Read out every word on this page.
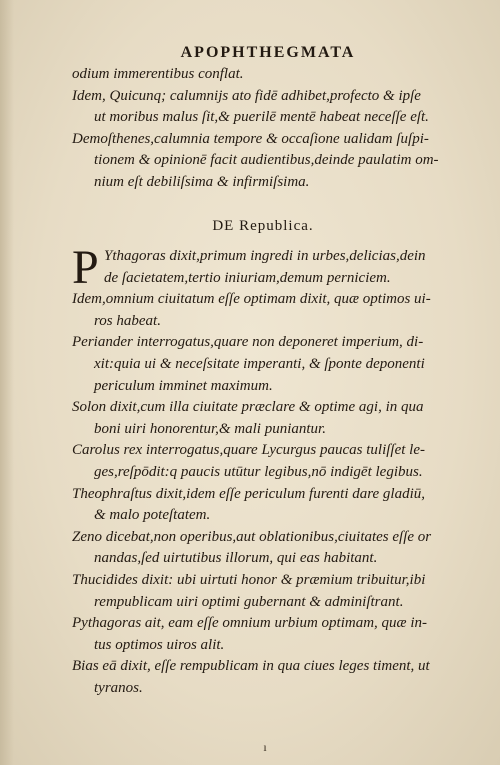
APOPHTHEGMATA

odium immerentibus conflat.

Idem, Quicunq; calumnijs ato fidē adhibet,profecto & ipſe
ut moribus malus ſit,& puerilē mentē habeat neceſſe eſt.

Demoſthenes,calumnia tempore & occaſione ualidam ſuſpi-
tionem & opinionē facit audientibus,deinde paulatim om-
nium eſt debiliſsima & infirmiſsima.

DE Republica.
P Ythagoras dixit,primum ingredi in urbes,delicias,dein
de ſacietatem,tertio iniuriam,demum perniciem.

Idem,omnium ciuitatum eſſe optimam dixit, quæ optimos ui-
ros habeat.

Periander interrogatus,quare non deponeret imperium, di-
xit:quia ui & neceſsitate imperanti, & ſponte deponenti
periculum imminet maximum.

Solon dixit,cum illa ciuitate præclare & optime agi, in qua
boni uiri honorentur,& mali puniantur.

Carolus rex interrogatus,quare Lycurgus paucas tuliſſet le-
ges,reſpōdit:q paucis utūtur legibus,nō indigēt legibus.

Theophraſtus dixit,idem eſſe periculum furenti dare gladiū,
& malo poteſtatem.

Zeno dicebat,non operibus,aut oblationibus,ciuitates eſſe or
nandas,ſed uirtutibus illorum, qui eas habitant.

Thucidides dixit: ubi uirtuti honor & præmium tribuitur,ibi
rempublicam uiri optimi gubernant & adminiſtrant.

Pythagoras ait, eam eſſe omnium urbium optimam, quæ in-
tus optimos uiros alit.

Bias eā dixit, eſſe rempublicam in qua ciues leges timent, ut
tyranos.

ı
